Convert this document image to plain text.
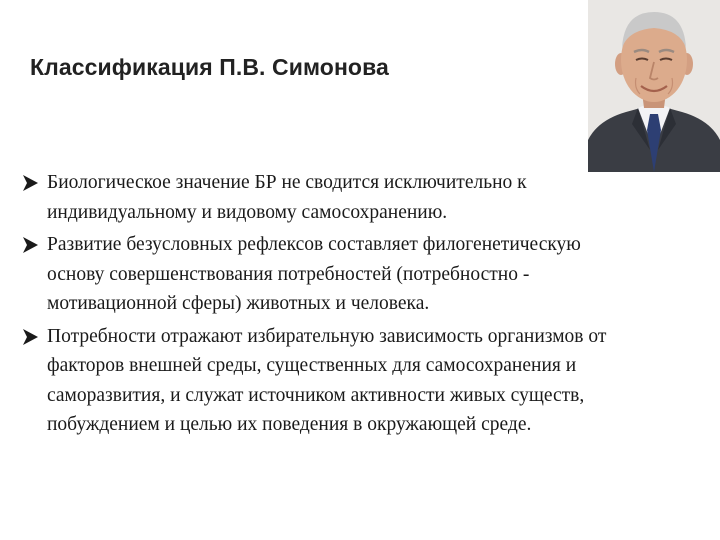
Классификация П.В. Симонова
Биологическое значение БР не сводится исключительно к индивидуальному и видовому самосохранению.
Развитие безусловных рефлексов составляет филогенетическую основу совершенствования потребностей (потребностно - мотивационной сферы) животных и человека.
Потребности отражают избирательную зависимость организмов от факторов внешней среды, существенных для самосохранения и саморазвития, и служат источником активности живых существ, побуждением и целью их поведения в окружающей среде.
